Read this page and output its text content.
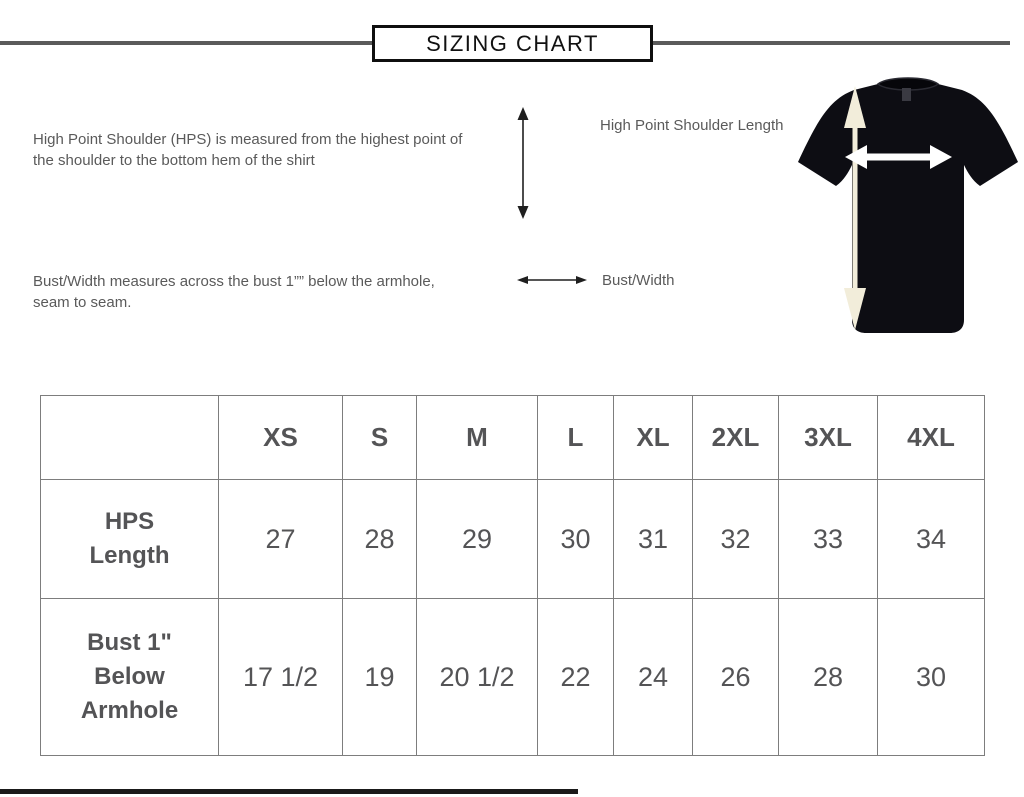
SIZING CHART

High Point Shoulder (HPS) is measured from the highest point of the shoulder to the bottom hem of the shirt

High Point Shoulder Length

Bust/Width measures across the bust 1”” below the armhole, seam to seam.

Bust/Width
	XS	S	M	L	XL	2XL	3XL	4XL
HPS Length	27	28	29	30	31	32	33	34
Bust 1" Below Armhole	17 1/2	19	20 1/2	22	24	26	28	30
